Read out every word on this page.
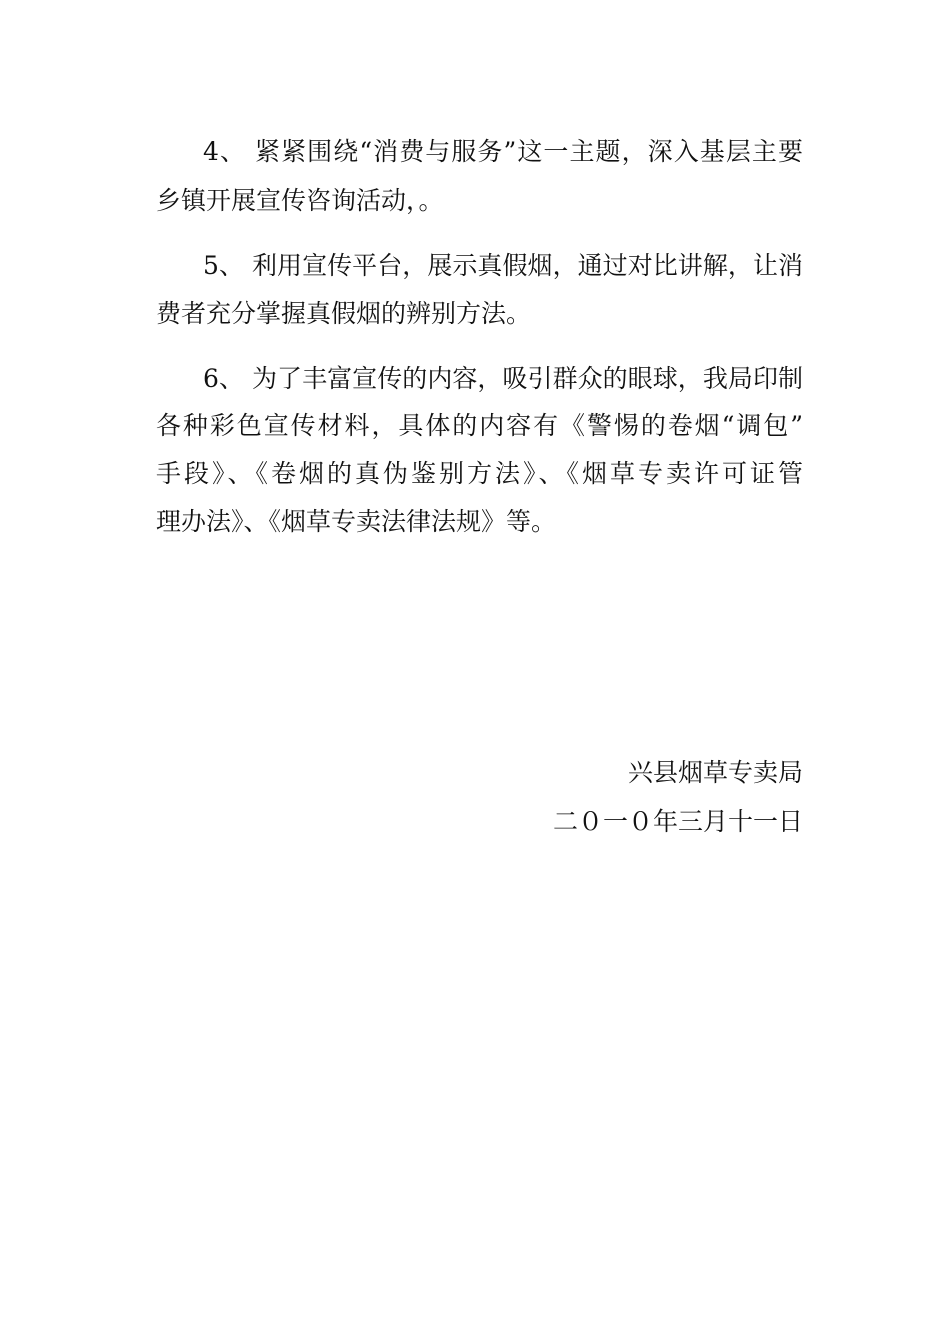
4、 紧紧围绕“消费与服务”这一主题，深入基层主要
乡镇开展宣传咨询活动，。
5、 利用宣传平台，展示真假烟，通过对比讲解，让消
费者充分掌握真假烟的辨别方法。
6、 为了丰富宣传的内容，吸引群众的眼球，我局印制
各种彩色宣传材料，具体的内容有《警惕的卷烟“调包”
手段》、《卷烟的真伪鉴别方法》、《烟草专卖许可证管
理办法》、《烟草专卖法律法规》等。
兴县烟草专卖局
二０一０年三月十一日
